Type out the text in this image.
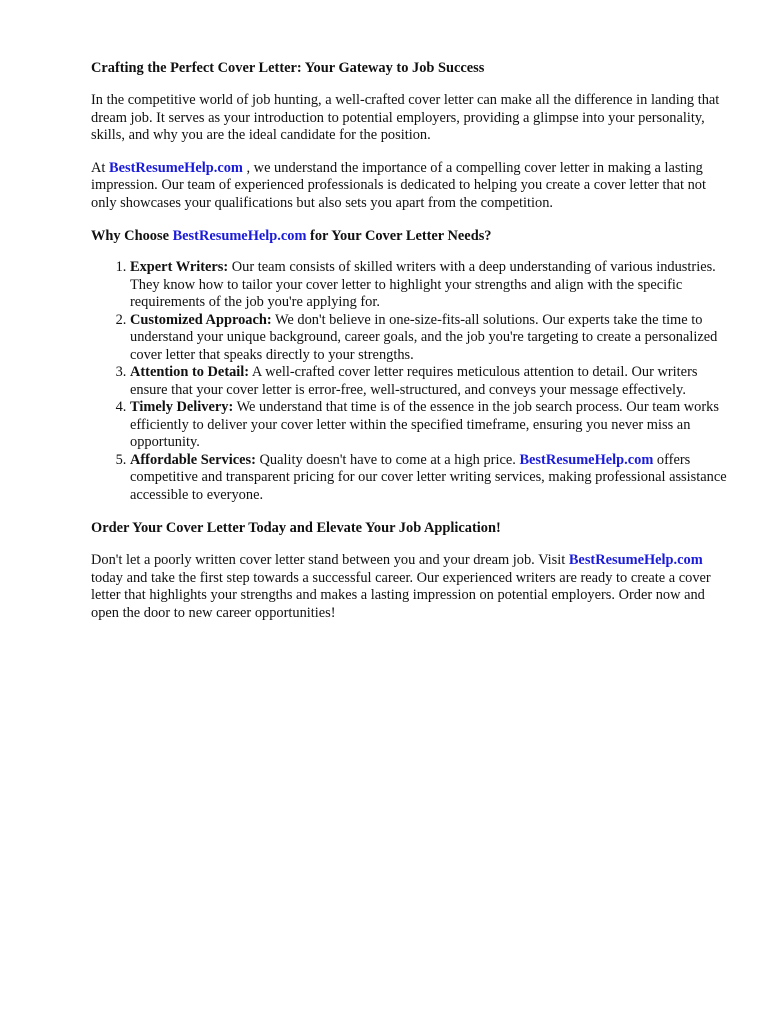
Crafting the Perfect Cover Letter: Your Gateway to Job Success

In the competitive world of job hunting, a well-crafted cover letter can make all the difference in landing that dream job. It serves as your introduction to potential employers, providing a glimpse into your personality, skills, and why you are the ideal candidate for the position.

At BestResumeHelp.com , we understand the importance of a compelling cover letter in making a lasting impression. Our team of experienced professionals is dedicated to helping you create a cover letter that not only showcases your qualifications but also sets you apart from the competition.

Why Choose BestResumeHelp.com for Your Cover Letter Needs?

1. Expert Writers: Our team consists of skilled writers with a deep understanding of various industries. They know how to tailor your cover letter to highlight your strengths and align with the specific requirements of the job you're applying for.
2. Customized Approach: We don't believe in one-size-fits-all solutions. Our experts take the time to understand your unique background, career goals, and the job you're targeting to create a personalized cover letter that speaks directly to your strengths.
3. Attention to Detail: A well-crafted cover letter requires meticulous attention to detail. Our writers ensure that your cover letter is error-free, well-structured, and conveys your message effectively.
4. Timely Delivery: We understand that time is of the essence in the job search process. Our team works efficiently to deliver your cover letter within the specified timeframe, ensuring you never miss an opportunity.
5. Affordable Services: Quality doesn't have to come at a high price. BestResumeHelp.com offers competitive and transparent pricing for our cover letter writing services, making professional assistance accessible to everyone.

Order Your Cover Letter Today and Elevate Your Job Application!

Don't let a poorly written cover letter stand between you and your dream job. Visit BestResumeHelp.com today and take the first step towards a successful career. Our experienced writers are ready to create a cover letter that highlights your strengths and makes a lasting impression on potential employers. Order now and open the door to new career opportunities!
